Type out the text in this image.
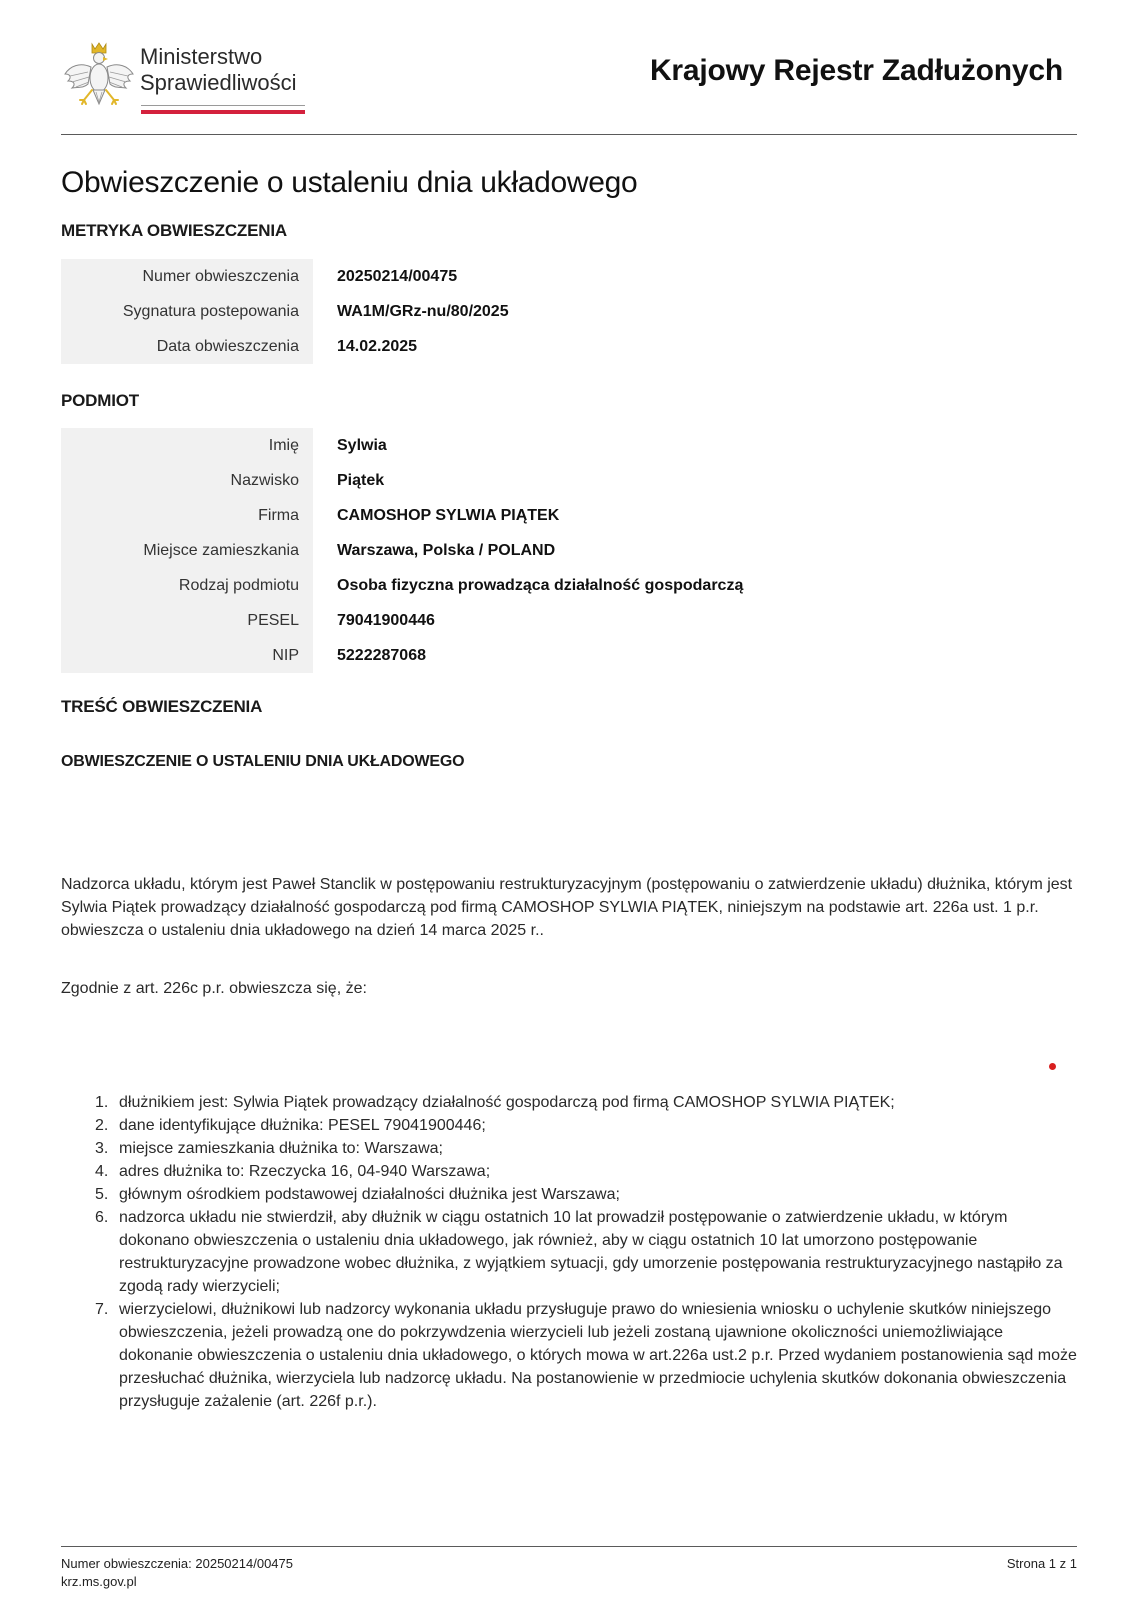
Ministerstwo
Sprawiedliwości	Krajowy Rejestr Zadłużonych
Obwieszczenie o ustaleniu dnia układowego
METRYKA OBWIESZCZENIA
Numer obwieszczenia	20250214/00475
Sygnatura postepowania	WA1M/GRz-nu/80/2025
Data obwieszczenia	14.02.2025
PODMIOT
Imię	Sylwia
Nazwisko	Piątek
Firma	CAMOSHOP SYLWIA PIĄTEK
Miejsce zamieszkania	Warszawa, Polska / POLAND
Rodzaj podmiotu	Osoba fizyczna prowadząca działalność gospodarczą
PESEL	79041900446
NIP	5222287068
TREŚĆ OBWIESZCZENIA
OBWIESZCZENIE O USTALENIU DNIA UKŁADOWEGO

Nadzorca układu, którym jest Paweł Stanclik w postępowaniu restrukturyzacyjnym (postępowaniu o zatwierdzenie układu) dłużnika, którym jest Sylwia Piątek prowadzący działalność gospodarczą pod firmą CAMOSHOP SYLWIA PIĄTEK, niniejszym na podstawie art. 226a ust. 1 p.r. obwieszcza o ustaleniu dnia układowego na dzień 14 marca 2025 r..

Zgodnie z art. 226c p.r. obwieszcza się, że:

1. dłużnikiem jest: Sylwia Piątek prowadzący działalność gospodarczą pod firmą CAMOSHOP SYLWIA PIĄTEK;
2. dane identyfikujące dłużnika: PESEL 79041900446;
3. miejsce zamieszkania dłużnika to: Warszawa;
4. adres dłużnika to: Rzeczycka 16, 04-940 Warszawa;
5. głównym ośrodkiem podstawowej działalności dłużnika jest Warszawa;
6. nadzorca układu nie stwierdził, aby dłużnik w ciągu ostatnich 10 lat prowadził postępowanie o zatwierdzenie układu, w którym dokonano obwieszczenia o ustaleniu dnia układowego, jak również, aby w ciągu ostatnich 10 lat umorzono postępowanie restrukturyzacyjne prowadzone wobec dłużnika, z wyjątkiem sytuacji, gdy umorzenie postępowania restrukturyzacyjnego nastąpiło za zgodą rady wierzycieli;
7. wierzycielowi, dłużnikowi lub nadzorcy wykonania układu przysługuje prawo do wniesienia wniosku o uchylenie skutków niniejszego obwieszczenia, jeżeli prowadzą one do pokrzywdzenia wierzycieli lub jeżeli zostaną ujawnione okoliczności uniemożliwiające dokonanie obwieszczenia o ustaleniu dnia układowego, o których mowa w art.226a ust.2 p.r. Przed wydaniem postanowienia sąd może przesłuchać dłużnika, wierzyciela lub nadzorcę układu. Na postanowienie w przedmiocie uchylenia skutków dokonania obwieszczenia przysługuje zażalenie (art. 226f p.r.).
Numer obwieszczenia: 20250214/00475
krz.ms.gov.pl
Strona 1 z 1
